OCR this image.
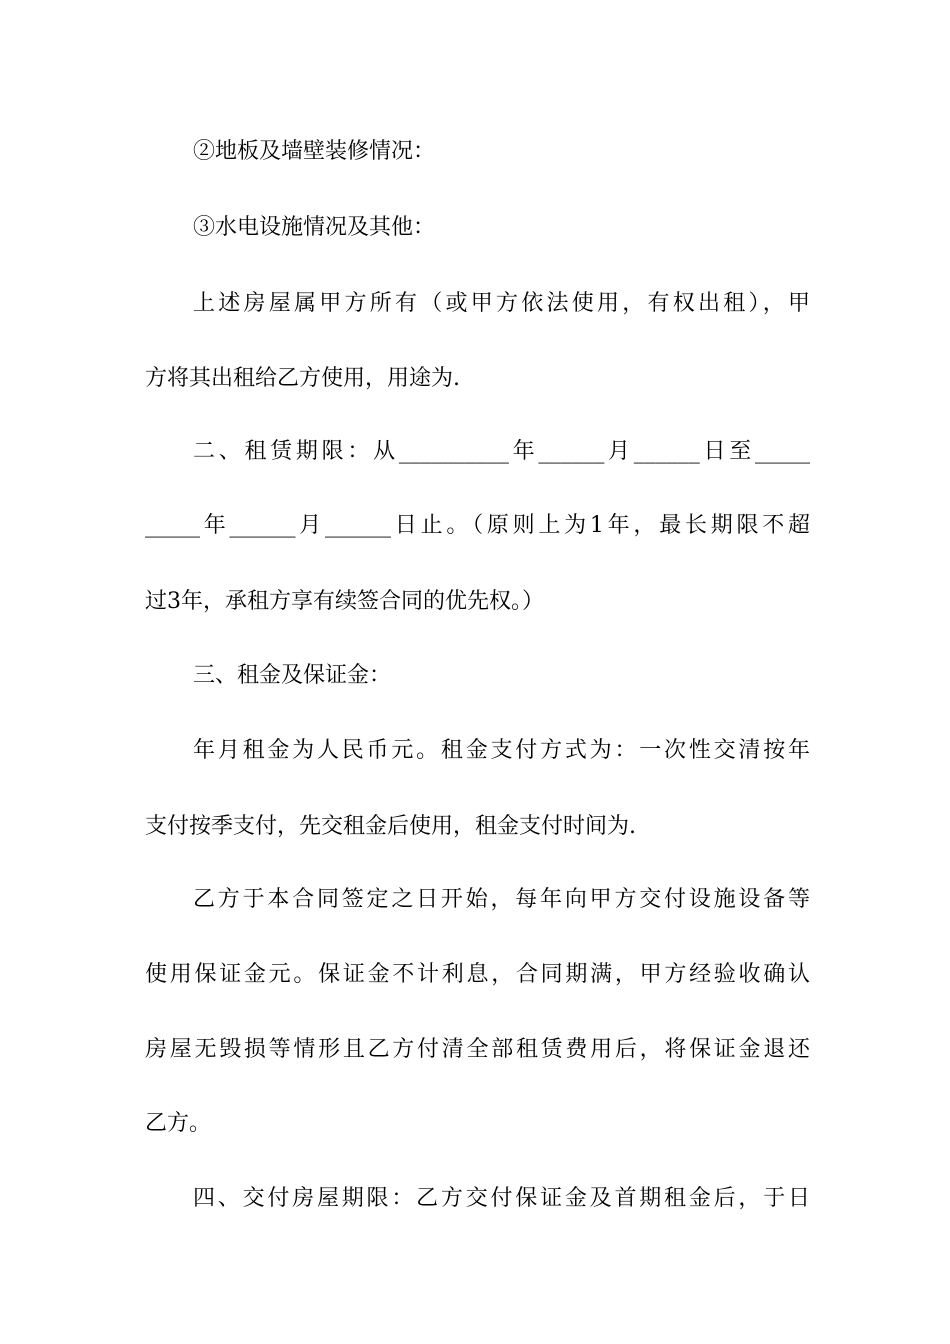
②地板及墙壁装修情况：
③水电设施情况及其他：
上述房屋属甲方所有（或甲方依法使用，有权出租），甲
方将其出租给乙方使用，用途为.
二、租赁期限：从__________年______月______日至_____
_____年______月______日止。（原则上为1年，最长期限不超
过3年，承租方享有续签合同的优先权。）
三、租金及保证金：
年月租金为人民币元。租金支付方式为：一次性交清按年
支付按季支付，先交租金后使用，租金支付时间为.
乙方于本合同签定之日开始，每年向甲方交付设施设备等
使用保证金元。保证金不计利息，合同期满，甲方经验收确认
房屋无毁损等情形且乙方付清全部租赁费用后，将保证金退还
乙方。
四、交付房屋期限：乙方交付保证金及首期租金后，于日
